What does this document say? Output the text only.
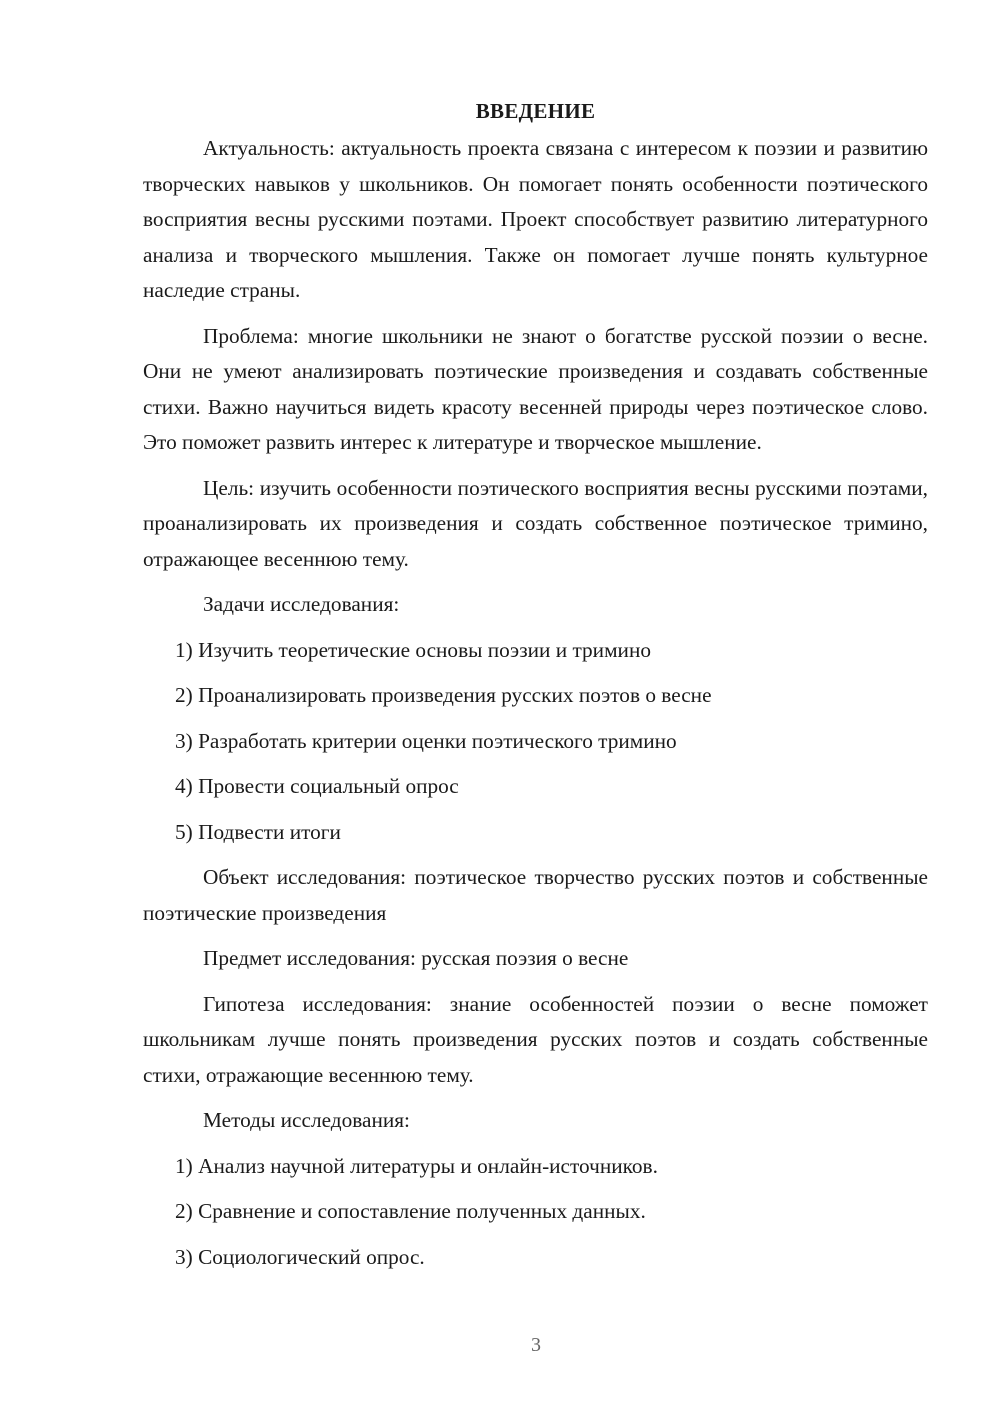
ВВЕДЕНИЕ

Актуальность: актуальность проекта связана с интересом к поэзии и развитию творческих навыков у школьников. Он помогает понять особенности поэтического восприятия весны русскими поэтами. Проект способствует развитию литературного анализа и творческого мышления. Также он помогает лучше понять культурное наследие страны.

Проблема: многие школьники не знают о богатстве русской поэзии о весне. Они не умеют анализировать поэтические произведения и создавать собственные стихи. Важно научиться видеть красоту весенней природы через поэтическое слово. Это поможет развить интерес к литературе и творческое мышление.

Цель: изучить особенности поэтического восприятия весны русскими поэтами, проанализировать их произведения и создать собственное поэтическое тримино, отражающее весеннюю тему.

Задачи исследования:

1) Изучить теоретические основы поэзии и тримино
2) Проанализировать произведения русских поэтов о весне
3) Разработать критерии оценки поэтического тримино
4) Провести социальный опрос
5) Подвести итоги

Объект исследования: поэтическое творчество русских поэтов и собственные поэтические произведения

Предмет исследования: русская поэзия о весне

Гипотеза исследования: знание особенностей поэзии о весне поможет школьникам лучше понять произведения русских поэтов и создать собственные стихи, отражающие весеннюю тему.

Методы исследования:

1) Анализ научной литературы и онлайн-источников.
2) Сравнение и сопоставление полученных данных.
3) Социологический опрос.
3
